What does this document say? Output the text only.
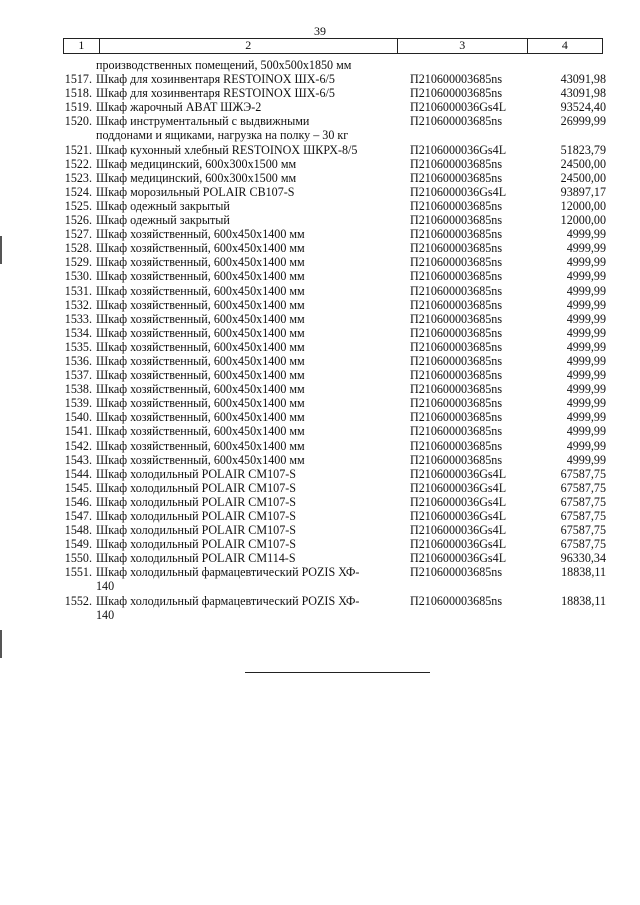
39
1	2	3	4
производственных помещений, 500x500x1850 мм
1517. Шкаф для хозинвентаря RESTOINOX ШХ-6/5	П210600003685ns	43091,98
1518. Шкаф для хозинвентаря RESTOINOX ШХ-6/5	П210600003685ns	43091,98
1519. Шкаф жарочный ABAT ШЖЭ-2	П2106000036Gs4L	93524,40
1520. Шкаф инструментальный с выдвижными	П210600003685ns	26999,99
поддонами и ящиками, нагрузка на полку – 30 кг
1521. Шкаф кухонный хлебный RESTOINOX ШКРХ-8/5	П2106000036Gs4L	51823,79
1522. Шкаф медицинский, 600x300x1500 мм	П210600003685ns	24500,00
1523. Шкаф медицинский, 600x300x1500 мм	П210600003685ns	24500,00
1524. Шкаф морозильный POLAIR CB107-S	П2106000036Gs4L	93897,17
1525. Шкаф одежный закрытый	П210600003685ns	12000,00
1526. Шкаф одежный закрытый	П210600003685ns	12000,00
1527. Шкаф хозяйственный, 600x450x1400 мм	П210600003685ns	4999,99
1528. Шкаф хозяйственный, 600x450x1400 мм	П210600003685ns	4999,99
1529. Шкаф хозяйственный, 600x450x1400 мм	П210600003685ns	4999,99
1530. Шкаф хозяйственный, 600x450x1400 мм	П210600003685ns	4999,99
1531. Шкаф хозяйственный, 600x450x1400 мм	П210600003685ns	4999,99
1532. Шкаф хозяйственный, 600x450x1400 мм	П210600003685ns	4999,99
1533. Шкаф хозяйственный, 600x450x1400 мм	П210600003685ns	4999,99
1534. Шкаф хозяйственный, 600x450x1400 мм	П210600003685ns	4999,99
1535. Шкаф хозяйственный, 600x450x1400 мм	П210600003685ns	4999,99
1536. Шкаф хозяйственный, 600x450x1400 мм	П210600003685ns	4999,99
1537. Шкаф хозяйственный, 600x450x1400 мм	П210600003685ns	4999,99
1538. Шкаф хозяйственный, 600x450x1400 мм	П210600003685ns	4999,99
1539. Шкаф хозяйственный, 600x450x1400 мм	П210600003685ns	4999,99
1540. Шкаф хозяйственный, 600x450x1400 мм	П210600003685ns	4999,99
1541. Шкаф хозяйственный, 600x450x1400 мм	П210600003685ns	4999,99
1542. Шкаф хозяйственный, 600x450x1400 мм	П210600003685ns	4999,99
1543. Шкаф хозяйственный, 600x450x1400 мм	П210600003685ns	4999,99
1544. Шкаф холодильный POLAIR CM107-S	П2106000036Gs4L	67587,75
1545. Шкаф холодильный POLAIR CM107-S	П2106000036Gs4L	67587,75
1546. Шкаф холодильный POLAIR CM107-S	П2106000036Gs4L	67587,75
1547. Шкаф холодильный POLAIR CM107-S	П2106000036Gs4L	67587,75
1548. Шкаф холодильный POLAIR CM107-S	П2106000036Gs4L	67587,75
1549. Шкаф холодильный POLAIR CM107-S	П2106000036Gs4L	67587,75
1550. Шкаф холодильный POLAIR CM114-S	П2106000036Gs4L	96330,34
1551. Шкаф холодильный фармацевтический POZIS ХФ-	П210600003685ns	18838,11
140
1552. Шкаф холодильный фармацевтический POZIS ХФ-	П210600003685ns	18838,11
140
